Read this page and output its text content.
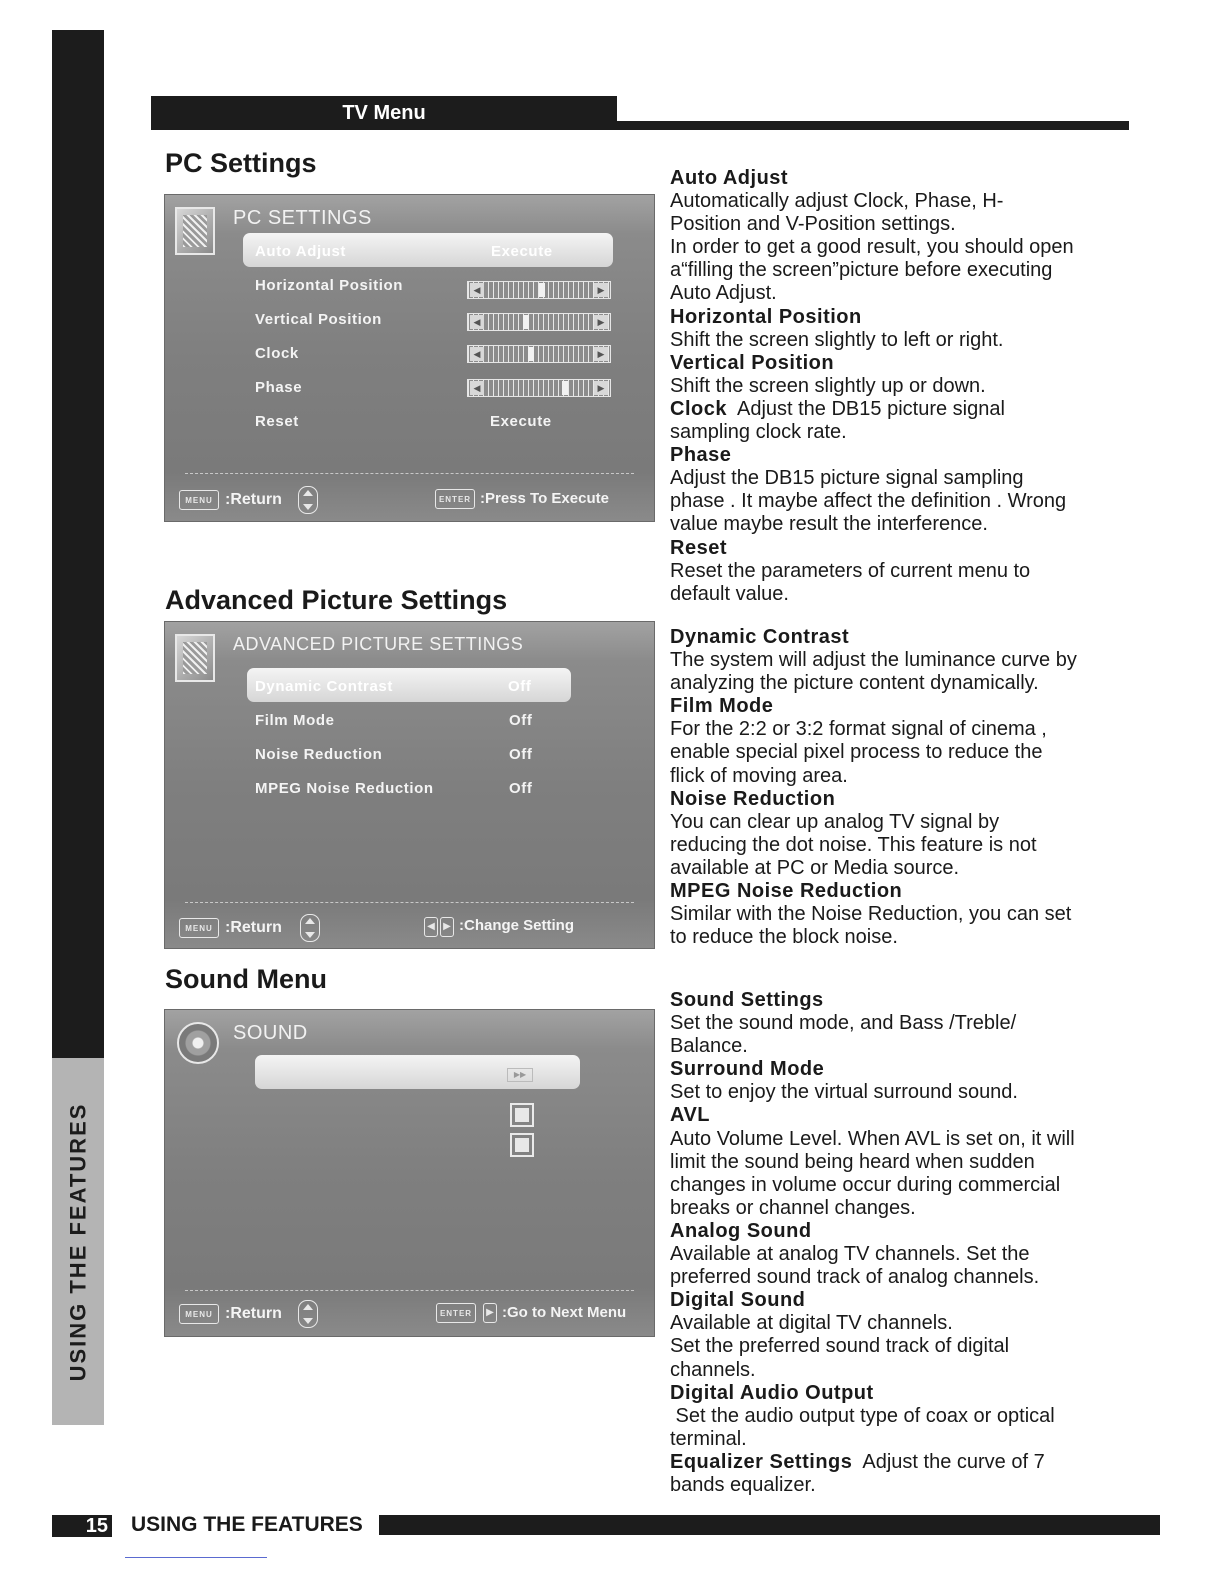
USING THE FEATURES
TV Menu
PC Settings
Advanced Picture Settings
Sound Menu
PC SETTINGS
Auto Adjust	Execute
Horizontal Position	◀	▶
Vertical Position	◀	▶
Clock	◀	▶
Phase	◀	▶
Reset	Execute
MENU :Return	ENTER :Press To Execute
ADVANCED PICTURE SETTINGS
Dynamic Contrast	Off
Film Mode	Off
Noise Reduction	Off
MPEG Noise Reduction	Off
MENU :Return	◀ ▶ :Change Setting
SOUND
▶▶
MENU :Return	ENTER	▶ :Go to Next Menu

Auto Adjust

Automatically adjust Clock, Phase, H-

Position and V-Position settings.

In order to get a good result, you should open

a“filling the screen”picture before executing

Auto Adjust.

Horizontal Position

Shift the screen slightly to left or right.

Vertical Position

Shift the screen slightly up or down.

Clock  Adjust the DB15 picture signal

sampling clock rate.

Phase

Adjust the DB15 picture signal sampling

phase . It maybe affect the definition . Wrong

value maybe result the interference.

Reset

Reset the parameters of current menu to

default value.

Dynamic Contrast

The system will adjust the luminance curve by

analyzing the picture content dynamically.

Film Mode

For the 2:2 or 3:2 format signal of cinema ,

enable special pixel process to reduce the

flick of moving area.

Noise Reduction

You can clear up analog TV signal by

reducing the dot noise. This feature is not

available at PC or Media source.

MPEG Noise Reduction

Similar with the Noise Reduction, you can set

to reduce the block noise.

Sound Settings

Set the sound mode, and Bass /Treble/

Balance.

Surround Mode

Set to enjoy the virtual surround sound.

AVL

Auto Volume Level. When AVL is set on, it will

limit the sound being heard when sudden

changes in volume occur during commercial

breaks or channel changes.

Analog Sound

Available at analog TV channels. Set the

preferred sound track of analog channels.

Digital Sound

Available at digital TV channels.

Set the preferred sound track of digital

channels.

Digital Audio Output

Set the audio output type of coax or optical

terminal.

Equalizer Settings  Adjust the curve of 7

bands equalizer.

15 USING THE FEATURES
